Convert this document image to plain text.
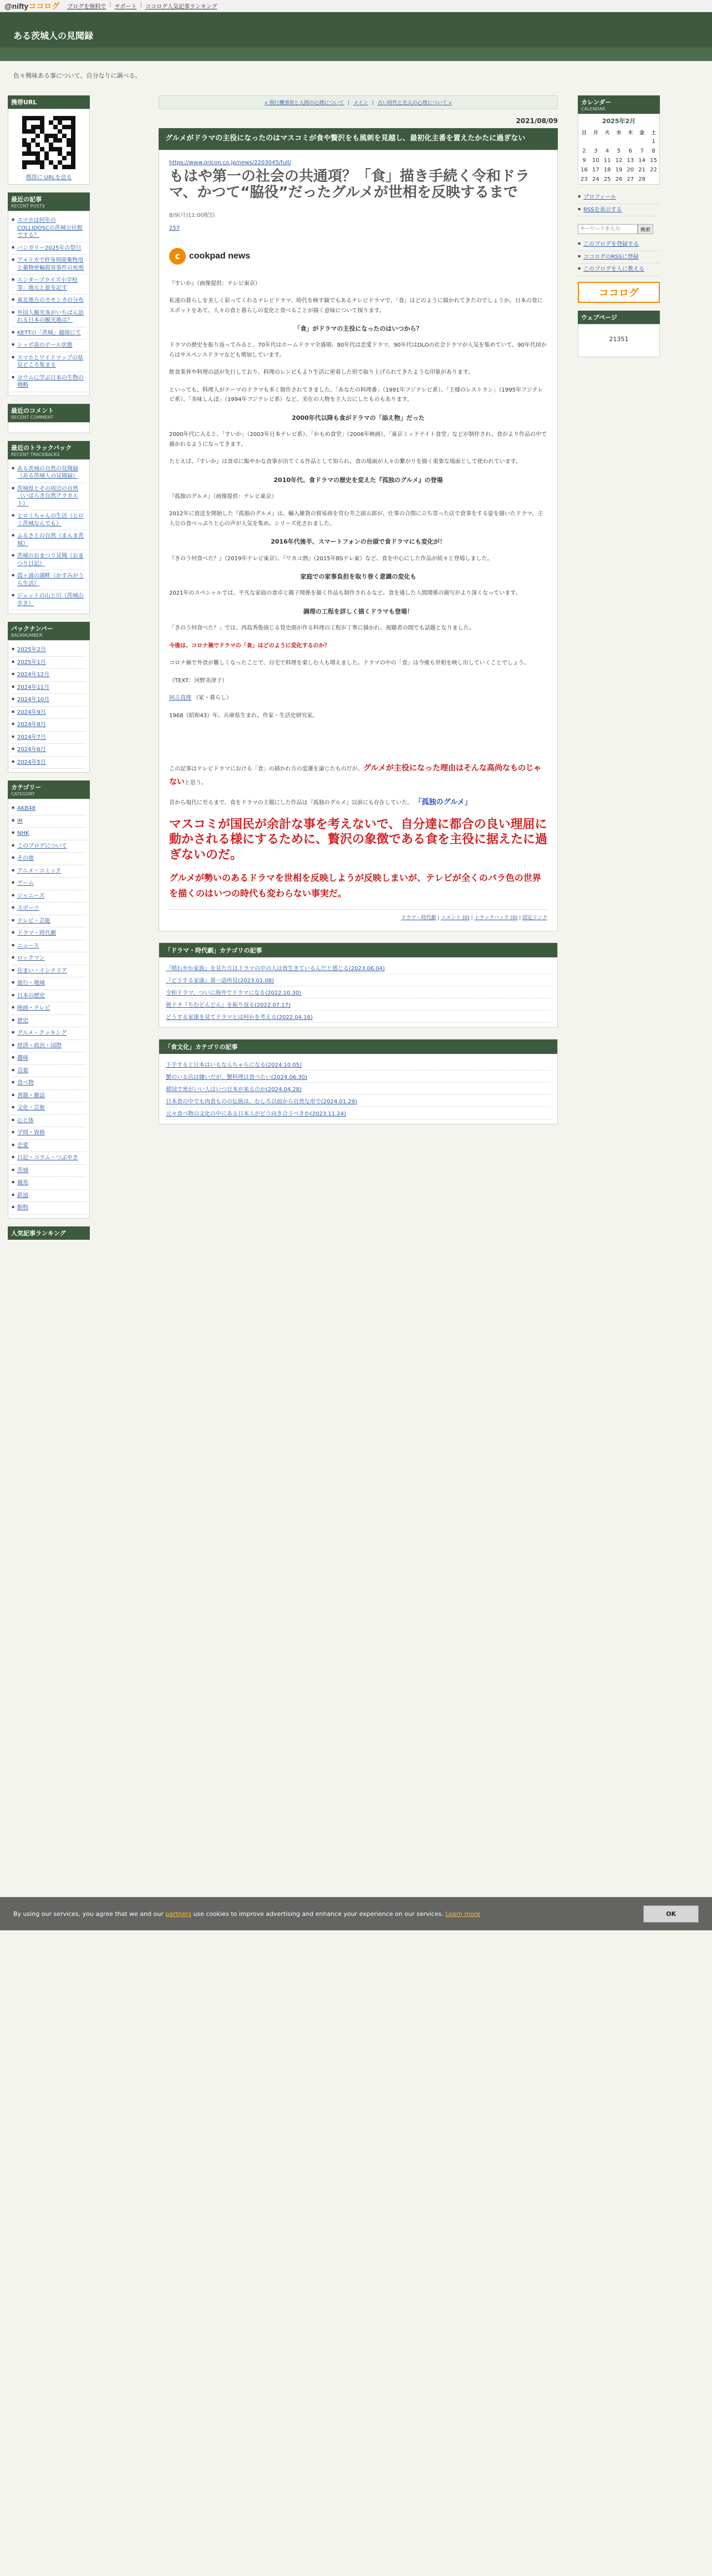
@niftyココログ ブログを無料で | サポート | ココログ人気記事ランキング
ある茨城人の見聞録
色々興味ある事について、自分なりに調べる。
携帯URL
携帯に URLを送る
最近の記事
RECENT POSTS
▪ スマホは何年のCOLLIDOSCの茨城公民館でする？
▪ バンガリー2025年の祭日
▪ アメリカで終身刑廃棄物用と薬物密輸殺害事件の死刑
▪ エンタープライズ小学校等：地元と旅を記す
▪ 東北地方のカモシカの分布
▪ 外国人観光客がいちばん訪れる日本の観光地は？
▪ KETTの「茨城」越境にて
▪ シッポ流のボール状態
▪ スマホとワイドマップの県見どころ集まる
▪ ヨウムに学ぶ日本の生物の戦略
最近のコメント
RECENT COMMENT
最近のトラックバック
RECENT TRACKBACKS
▪ ある茨城の自然の見聞録（ある茨城人の見聞録）
▪ 茨城県とその周辺の自然（いばらき自然アラカルト）
▪ ヒロミちゃんの生活（ヒロミ茨城なんでも）
▪ ふるさとの自然（まんま茨城）
▪ 茨城のおまつり見聞（おまつり日記）
▪ 霞ヶ浦の湖畔（かすみがうら生活）
▪ ジェットの山と川（茨城山歩き）
バックナンバー
BACKNUMBER
▪ 2025年2月
▪ 2025年1月
▪ 2024年12月
▪ 2024年11月
▪ 2024年10月
▪ 2024年9月
▪ 2024年8月
▪ 2024年7月
▪ 2024年6月
▪ 2024年5月
カテゴリー
CATEGORY
▪ AKB48
▪ IR
▪ NHK
▪ このブログについて
▪ その他
▪ アニメ・コミック
▪ ゲーム
▪ ジャニーズ
▪ スポーツ
▪ テレビ・芸能
▪ ドラマ・時代劇
▪ ニュース
▪ ロックマン
▪ 住まい・インテリア
▪ 旅行・地域
▪ 日本の歴史
▪ 映画・テレビ
▪ 歴史
▪ グルメ・クッキング
▪ 経済・政治・国際
▪ 趣味
▪ 音楽
▪ 食べ物
▪ 書籍・雑誌
▪ 文化・芸術
▪ 心と体
▪ 学問・資格
▪ 恋愛
▪ 日記・コラム・つぶやき
▪ 茨城
▪ 競馬
▪ 鉄道
▪ 動物
人気記事ランキング
« 飛行機事故と人間の心理について | メイン | 古い時代と先人の心理について »
2021/08/09
グルメがドラマの主役になったのはマスコミが食や贅沢をも風刺を見越し、最初化主番を置えたかたに過ぎない
https://www.oricon.co.jp/news/2203045/full/
もはや第一の社会の共通項？「食」描き手続く令和ドラマ、かつて“脇役”だったグルメが世相を反映するまで
8/9(月)11:00配信
257
c	cookpad news

『すいか』（画像提供：テレビ東京）

私達の暮らしを美しく彩ってくれるテレビドラマ。時代を映す鏡でもあるテレビドラマで、「食」はどのように描かれてきたのでしょうか。日本の食にスポットをあて、人々の食と暮らしの変化と食べることが描く意味について探ります。

「食」がドラマの主役になったのはいつから？

ドラマの歴史を振り返ってみると、70年代はホームドラマ全盛期、80年代は恋愛ドラマ、90年代はDLOの社会ドラマが人気を集めていて、90年代頃からはサスペンスドラマなども増加しています。

飲食業界や料理の話が先行しており、料理のレシピもより生活に密着した形で取り上げられてきたような印象があります。

といっても、料理人がテーマのドラマも多く制作されてきました。「あなたの料理番」（1991年フジテレビ系）、「王様のレストラン」（1995年フジテレビ系）、「美味しんぼ」（1994年フジテレビ系）など、実在の人物を主人公にしたものもあります。

2000年代以降も食がドラマの「添え物」だった

2000年代に入ると、「すいか」（2003年日本テレビ系）、「かもめ食堂」（2006年映画）、「東京ミッドナイト食堂」などが制作され、食がより作品の中で描かれるようになってきます。

たとえば、『すいか』は食卓に賑やかな食事が出てくる作品として知られ、食の場面が人々の繋がりを描く重要な場面として使われています。

2010年代、食ドラマの歴史を変えた『孤独のグルメ』の登場

『孤独のグルメ』（画像提供：テレビ東京）

2012年に放送を開始した『孤独のグルメ』は、輸入雑貨の貿易商を営む井之頭五郎が、仕事の合間に立ち寄った店で食事をする姿を描いたドラマ。主人公の食べっぷりと心の声が人気を集め、シリーズ化されました。

2016年代後半、スマートフォンの台頭で食ドラマにも変化が！

『きのう何食べた？』（2019年テレビ東京）、『ワカコ酒』（2015年BSテレ東）など、食を中心にした作品が続々と登場しました。

家庭での家事負担を取り巻く意識の変化も

2021年のスペシャルでは、平凡な家庭の食卓と親子関係を描く作品も制作されるなど、食を通した人間関係の描写がより深くなっています。

調理の工程を詳しく描くドラマも登場！

「きのう何食べた？」では、西島秀俊演じる筧史朗が作る料理の工程が丁寧に描かれ、視聴者の間でも話題となりました。

今後は、コロナ禍でドラマの「食」はどのように変化するのか？

コロナ禍で外食が難しくなったことで、自宅で料理を楽しむ人も増えました。ドラマの中の「食」は今後も世相を映し出していくことでしょう。

（TEXT：河野美津子）

阿古真理 （家・暮らし）

1968（昭和43）年、兵庫県生まれ。作家・生活史研究家。

この記事はテレビドラマにおける「食」の描かれ方の変遷を論じたものだが、グルメが主役になった理由はそんな高尚なものじゃないと思う。

昔から現代に至るまで、食をドラマの主題にした作品は『孤独のグルメ』以前にも存在していた。 「孤独のグルメ」

マスコミが国民が余計な事を考えないで、自分達に都合の良い理屈に動かされる様にするために、贅沢の象徴である食を主役に据えたに過ぎないのだ。

グルメが勢いのあるドラマを世相を反映しようが反映しまいが、テレビが全くのバラ色の世界を描くのはいつの時代も変わらない事実だ。

ドラマ・時代劇 | コメント (0) | トラックバック (0) | 固定リンク
「ドラマ・時代劇」カテゴリの記事
『晴れやか家族』を見た方はドラマの中の人は皆生きているんだと感じる(2023.06.04)
『どうする家康』第一話所見(2023.01.08)
令和ドラマ、ついに海外でドラマになる(2022.10.30)
朝ドラ『ちむどんどん』を振り返る(2022.07.17)
どうする家康を見てドラマとは何かを考える(2022.04.16)
「食文化」カテゴリの記事
下手すると日本はいもなんちゃらになる(2024.10.05)
蟹のいる店は嫌いだが、蟹料理は食べたい(2024.06.30)
韓国で寒がいい人はいつ日本が来るのか(2024.04.28)
日本食の中でも肉食ものの伝統は、むしろ以前から自然な形で(2024.01.29)
元々食べ物の文化の中にある日本人がどう向き合うべきか(2023.11.24)
カレンダー
CALENDAR
2025年2月
日	月	火	水	木	金	土
						1
2	3	4	5	6	7	8
9	10	11	12	13	14	15
16	17	18	19	20	21	22
23	24	25	26	27	28	
▪ プロフィール
▪ RSSを表示する
キーワードを入力
検索
▪ このブログを登録する
▪ ココログのRSSに登録
▪ このブログを人に教える
ココログ
ウェブページ
21351
By using our services, you agree that we and our partners use cookies to improve advertising and enhance your experience on our services. Learn more	OK
